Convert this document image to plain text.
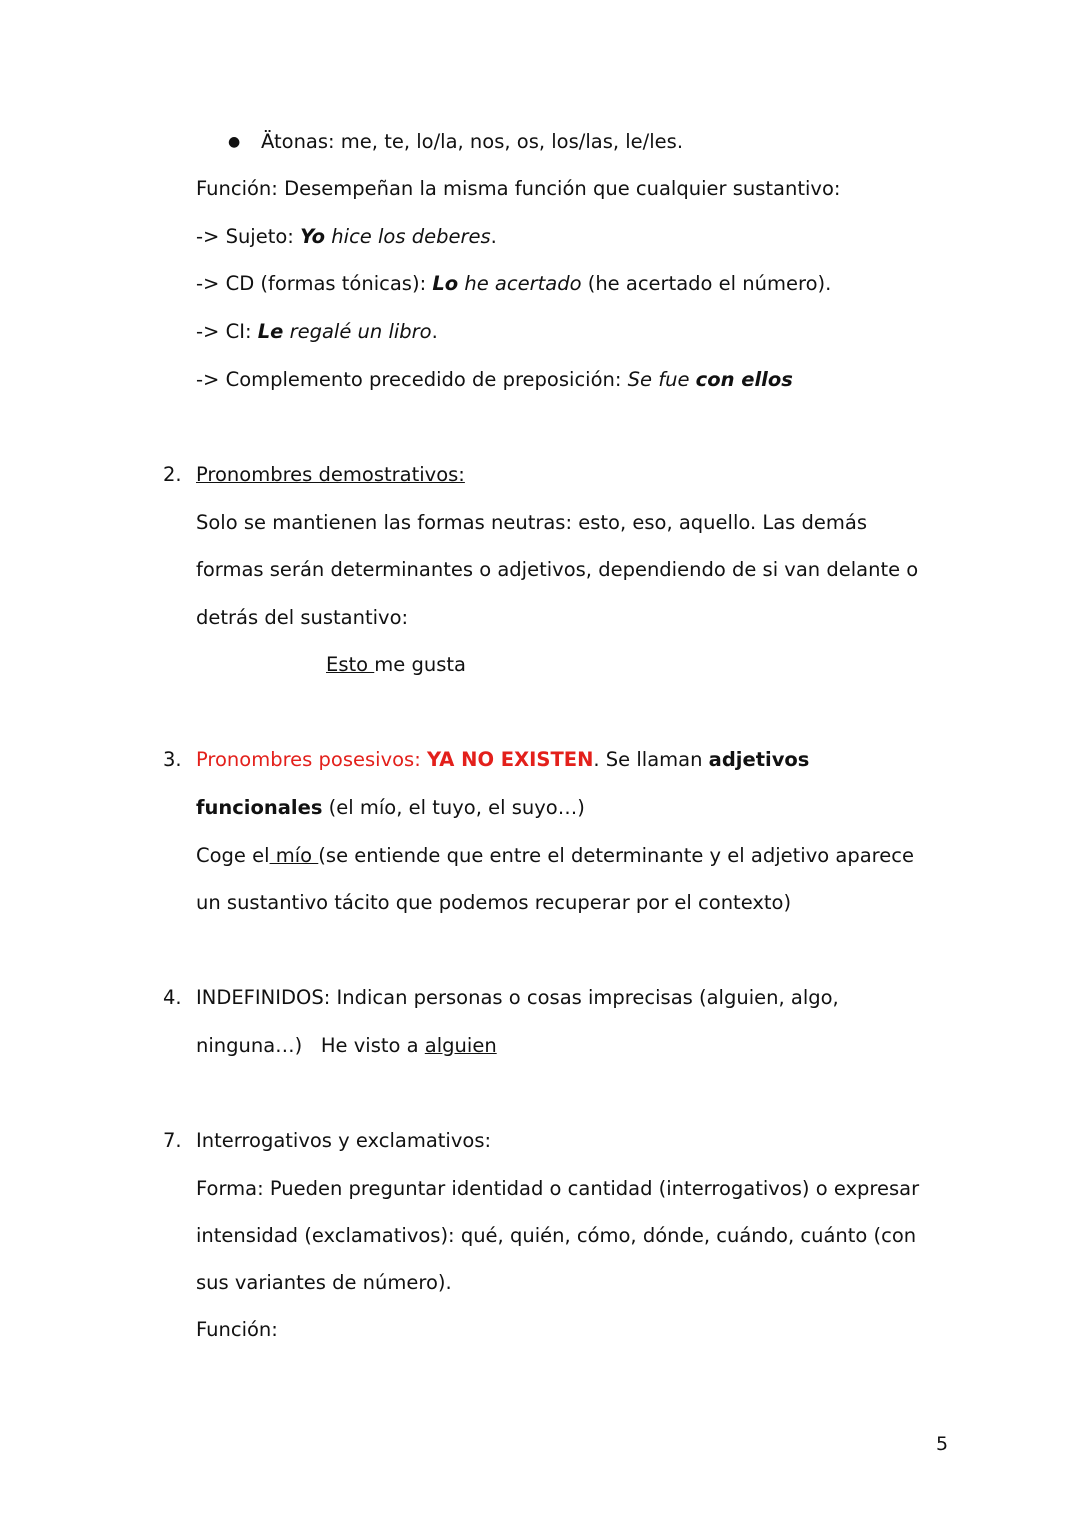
● Ätonas: me, te, lo/la, nos, os, los/las, le/les.
Función: Desempeñan la misma función que cualquier sustantivo:
-> Sujeto: Yo hice los deberes.
-> CD (formas tónicas): Lo he acertado (he acertado el número).
-> CI: Le regalé un libro.
-> Complemento precedido de preposición: Se fue con ellos
2. Pronombres demostrativos:
Solo se mantienen las formas neutras: esto, eso, aquello. Las demás
formas serán determinantes o adjetivos, dependiendo de si van delante o
detrás del sustantivo:
Esto me gusta
3. Pronombres posesivos: YA NO EXISTEN. Se llaman adjetivos
funcionales (el mío, el tuyo, el suyo…)
Coge el mío (se entiende que entre el determinante y el adjetivo aparece
un sustantivo tácito que podemos recuperar por el contexto)
4. INDEFINIDOS: Indican personas o cosas imprecisas (alguien, algo,
ninguna…)   He visto a alguien
7. Interrogativos y exclamativos:
Forma: Pueden preguntar identidad o cantidad (interrogativos) o expresar
intensidad (exclamativos): qué, quién, cómo, dónde, cuándo, cuánto (con
sus variantes de número).
Función:
5
